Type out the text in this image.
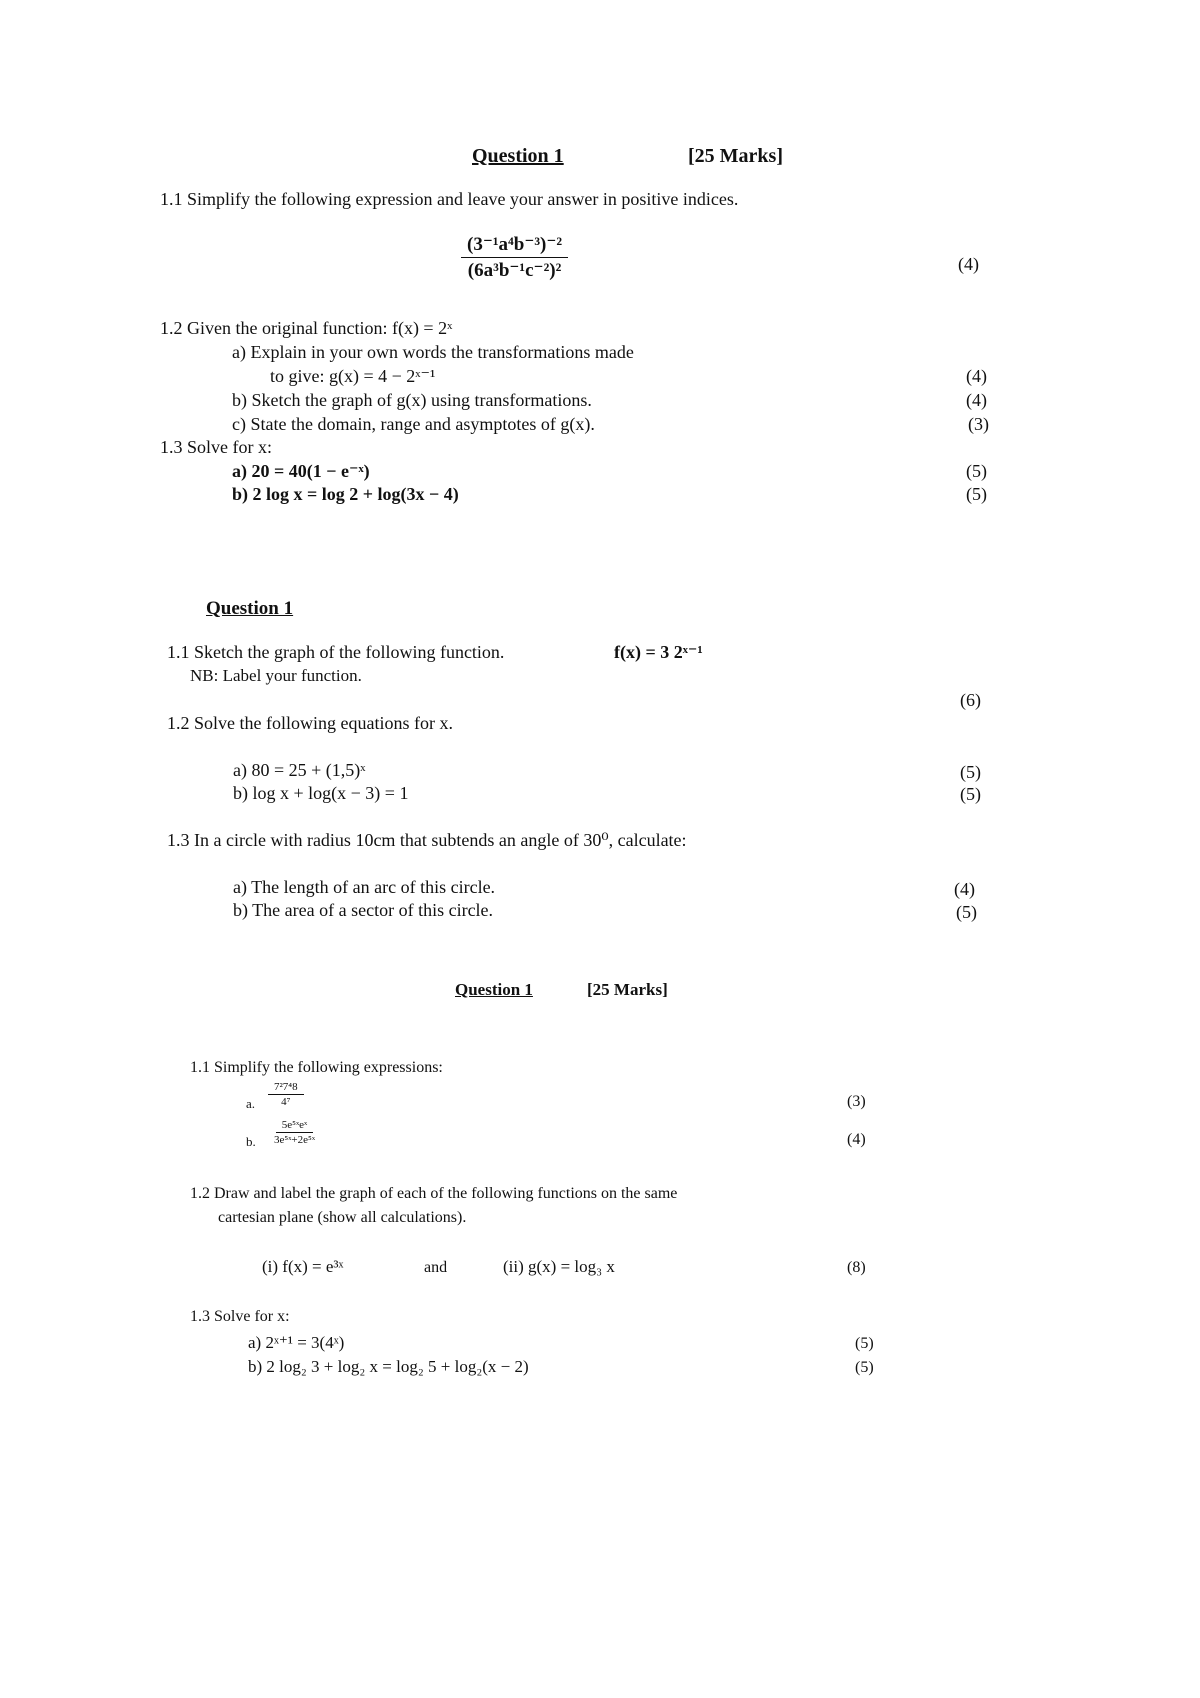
Question 1	[25 Marks]
1.1 Simplify the following expression and leave your answer in positive indices.
$\frac{\text{(3⁻¹a⁴b⁻³)⁻²}}{\text{(6a³b⁻¹c⁻²)²}}$	(4)
1.2 Given the original function: f(x) = 2ˣ
a) Explain in your own words the transformations made
to give: g(x) = 4 − 2ˣ⁻¹	(4)
b) Sketch the graph of g(x) using transformations.	(4)
c) State the domain, range and asymptotes of g(x).	(3)
1.3 Solve for x:
a) 20 = 40(1 − e⁻ˣ)	(5)
b) 2 log x = log 2 + log(3x − 4)	(5)
Question 1
1.1 Sketch the graph of the following function.	f(x) = 3 2ˣ⁻¹
NB: Label your function.
(6)
1.2 Solve the following equations for x.
a) 80 = 25 + (1,5)ˣ	(5)
b) log x + log(x − 3) = 1	(5)
1.3 In a circle with radius 10cm that subtends an angle of 30⁰, calculate:
a) The length of an arc of this circle.	(4)
b) The area of a sector of this circle.	(5)
Question 1	[25 Marks]
1.1 Simplify the following expressions:
a. $\frac{\text{7²7⁴8}}{\text{4⁷}}$	(3)
b. $\frac{\text{5e⁵ˣeˣ}}{\text{3e⁵ˣ+2e⁵ˣ}}$	(4)
1.2 Draw and label the graph of each of the following functions on the same
cartesian plane (show all calculations).
(i) f(x) = e³ˣ	and	(ii) g(x) = log₃ x	(8)
1.3 Solve for x:
a) 2ˣ⁺¹ = 3(4ˣ)	(5)
b) 2 log₂ 3 + log₂ x = log₂ 5 + log₂(x − 2)	(5)
